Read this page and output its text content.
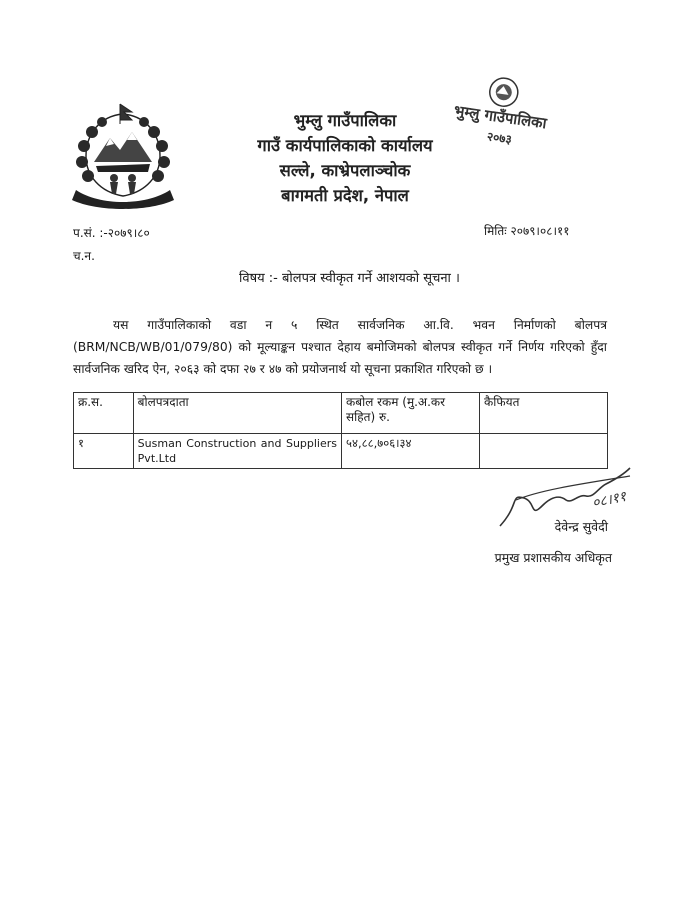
भुम्लु गाउँपालिका
गाउँ कार्यपालिकाको कार्यालय
सल्ले, काभ्रेपलाञ्चोक
बागमती प्रदेश, नेपाल
भुम्लु गाउँपालिका
२०७३
प.सं. :-२०७९।८०
च.न.
मितिः २०७९।०८।११
विषय :- बोलपत्र स्वीकृत गर्ने आशयको सूचना ।
यस गाउँपालिकाको वडा न ५ स्थित सार्वजनिक आ.वि. भवन निर्माणको बोलपत्र (BRM/NCB/WB/01/079/80) को मूल्याङ्कन पश्चात देहाय बमोजिमको बोलपत्र स्वीकृत गर्ने निर्णय गरिएको हुँदा सार्वजनिक खरिद ऐन, २०६३ को दफा २७ र ४७ को प्रयोजनार्थ यो सूचना प्रकाशित गरिएको छ ।
क्र.स.	बोलपत्रदाता	कबोल रकम (मु.अ.कर सहित) रु.	कैफियत
१	Susman Construction and Suppliers Pvt.Ltd	५४,८८,७०६।३४	
०८।११
देवेन्द्र सुवेदी
प्रमुख प्रशासकीय अधिकृत
